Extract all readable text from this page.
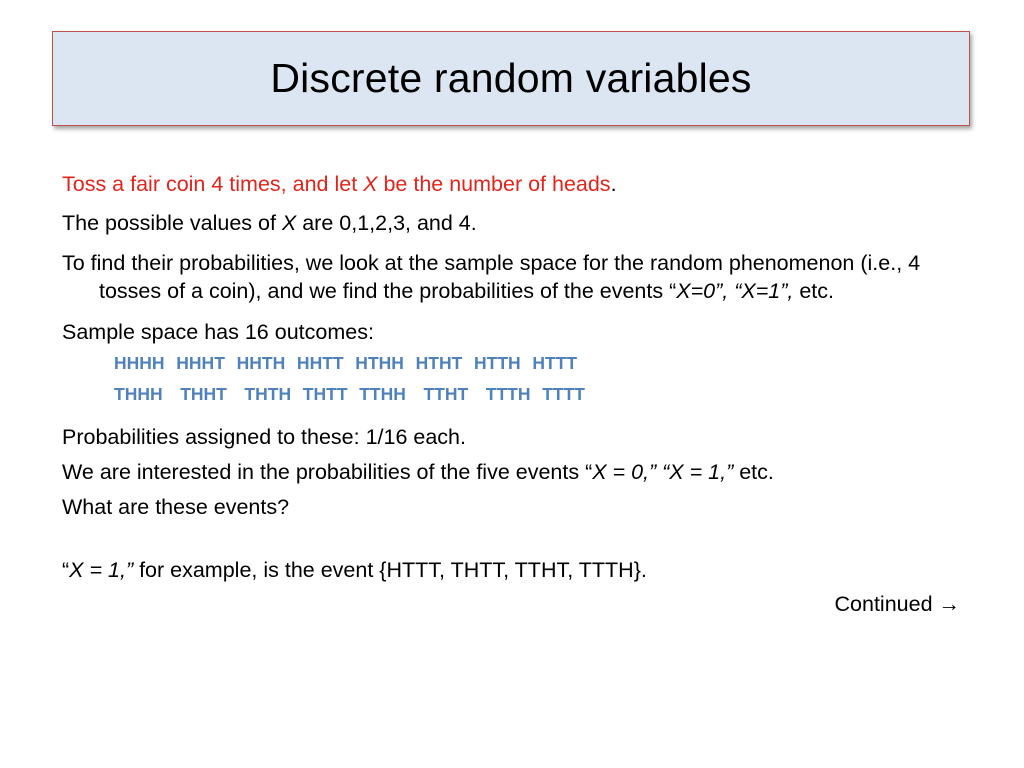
Discrete random variables

Toss a fair coin 4 times, and let X be the number of heads.

The possible values of X are 0,1,2,3, and 4.

To find their probabilities, we look at the sample space for the random phenomenon (i.e., 4 tosses of a coin), and we find the probabilities of the events “X=0”, “X=1”, etc.

Sample space has 16 outcomes:

HHHH  HHHT  HHTH  HHTT  HTHH  HTHT  HTTH  HTTT
THHH   THHT   THTH  THTT  TTHH   TTHT   TTTH  TTTT

Probabilities assigned to these: 1/16 each.

We are interested in the probabilities of the five events “X = 0,” “X = 1,” etc.

What are these events?

“X = 1,” for example, is the event {HTTT, THTT, TTHT, TTTH}.

Continued →
